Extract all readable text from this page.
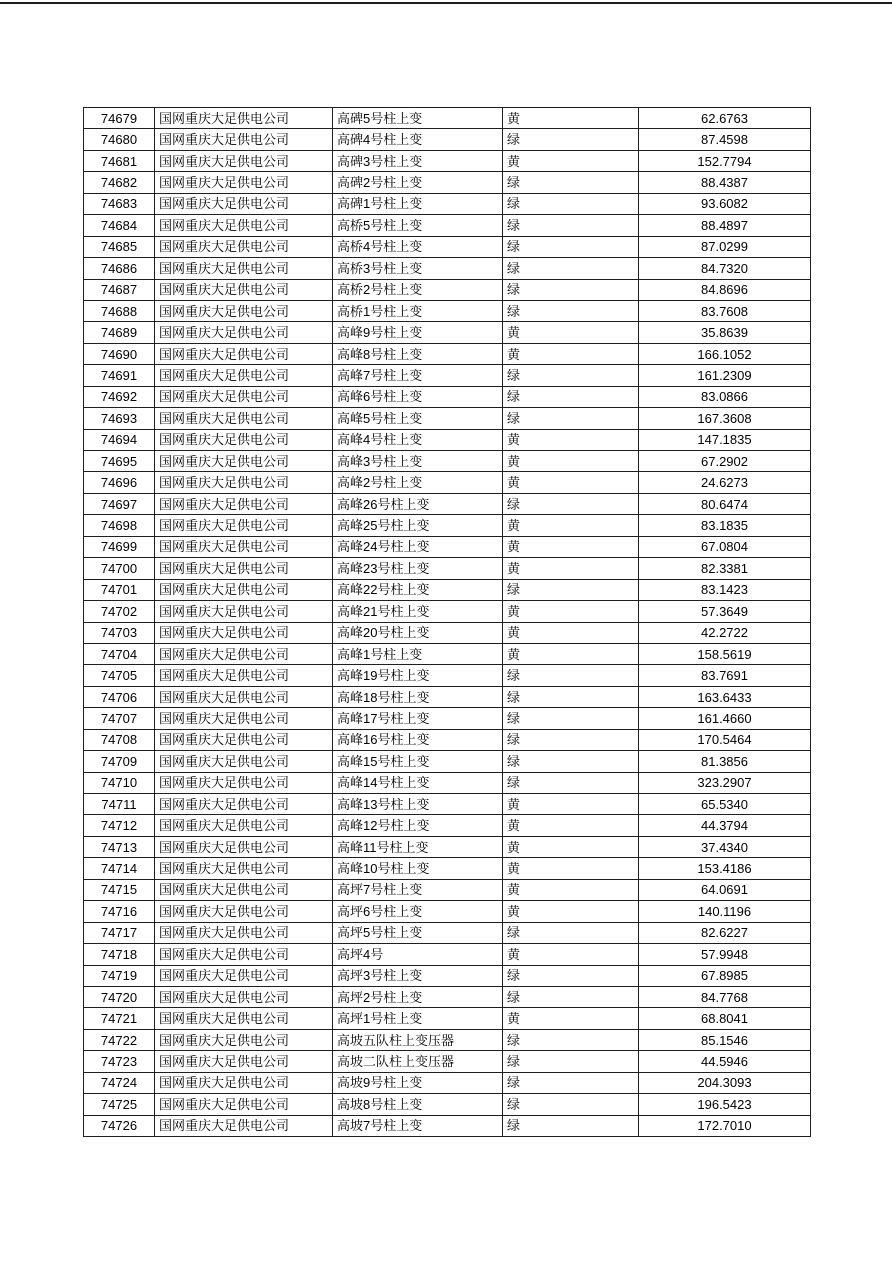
74679	国网重庆大足供电公司	高碑5号柱上变	黄	62.6763
74680	国网重庆大足供电公司	高碑4号柱上变	绿	87.4598
74681	国网重庆大足供电公司	高碑3号柱上变	黄	152.7794
74682	国网重庆大足供电公司	高碑2号柱上变	绿	88.4387
74683	国网重庆大足供电公司	高碑1号柱上变	绿	93.6082
74684	国网重庆大足供电公司	高桥5号柱上变	绿	88.4897
74685	国网重庆大足供电公司	高桥4号柱上变	绿	87.0299
74686	国网重庆大足供电公司	高桥3号柱上变	绿	84.7320
74687	国网重庆大足供电公司	高桥2号柱上变	绿	84.8696
74688	国网重庆大足供电公司	高桥1号柱上变	绿	83.7608
74689	国网重庆大足供电公司	高峰9号柱上变	黄	35.8639
74690	国网重庆大足供电公司	高峰8号柱上变	黄	166.1052
74691	国网重庆大足供电公司	高峰7号柱上变	绿	161.2309
74692	国网重庆大足供电公司	高峰6号柱上变	绿	83.0866
74693	国网重庆大足供电公司	高峰5号柱上变	绿	167.3608
74694	国网重庆大足供电公司	高峰4号柱上变	黄	147.1835
74695	国网重庆大足供电公司	高峰3号柱上变	黄	67.2902
74696	国网重庆大足供电公司	高峰2号柱上变	黄	24.6273
74697	国网重庆大足供电公司	高峰26号柱上变	绿	80.6474
74698	国网重庆大足供电公司	高峰25号柱上变	黄	83.1835
74699	国网重庆大足供电公司	高峰24号柱上变	黄	67.0804
74700	国网重庆大足供电公司	高峰23号柱上变	黄	82.3381
74701	国网重庆大足供电公司	高峰22号柱上变	绿	83.1423
74702	国网重庆大足供电公司	高峰21号柱上变	黄	57.3649
74703	国网重庆大足供电公司	高峰20号柱上变	黄	42.2722
74704	国网重庆大足供电公司	高峰1号柱上变	黄	158.5619
74705	国网重庆大足供电公司	高峰19号柱上变	绿	83.7691
74706	国网重庆大足供电公司	高峰18号柱上变	绿	163.6433
74707	国网重庆大足供电公司	高峰17号柱上变	绿	161.4660
74708	国网重庆大足供电公司	高峰16号柱上变	绿	170.5464
74709	国网重庆大足供电公司	高峰15号柱上变	绿	81.3856
74710	国网重庆大足供电公司	高峰14号柱上变	绿	323.2907
74711	国网重庆大足供电公司	高峰13号柱上变	黄	65.5340
74712	国网重庆大足供电公司	高峰12号柱上变	黄	44.3794
74713	国网重庆大足供电公司	高峰11号柱上变	黄	37.4340
74714	国网重庆大足供电公司	高峰10号柱上变	黄	153.4186
74715	国网重庆大足供电公司	高坪7号柱上变	黄	64.0691
74716	国网重庆大足供电公司	高坪6号柱上变	黄	140.1196
74717	国网重庆大足供电公司	高坪5号柱上变	绿	82.6227
74718	国网重庆大足供电公司	高坪4号	黄	57.9948
74719	国网重庆大足供电公司	高坪3号柱上变	绿	67.8985
74720	国网重庆大足供电公司	高坪2号柱上变	绿	84.7768
74721	国网重庆大足供电公司	高坪1号柱上变	黄	68.8041
74722	国网重庆大足供电公司	高坡五队柱上变压器	绿	85.1546
74723	国网重庆大足供电公司	高坡二队柱上变压器	绿	44.5946
74724	国网重庆大足供电公司	高坡9号柱上变	绿	204.3093
74725	国网重庆大足供电公司	高坡8号柱上变	绿	196.5423
74726	国网重庆大足供电公司	高坡7号柱上变	绿	172.7010
